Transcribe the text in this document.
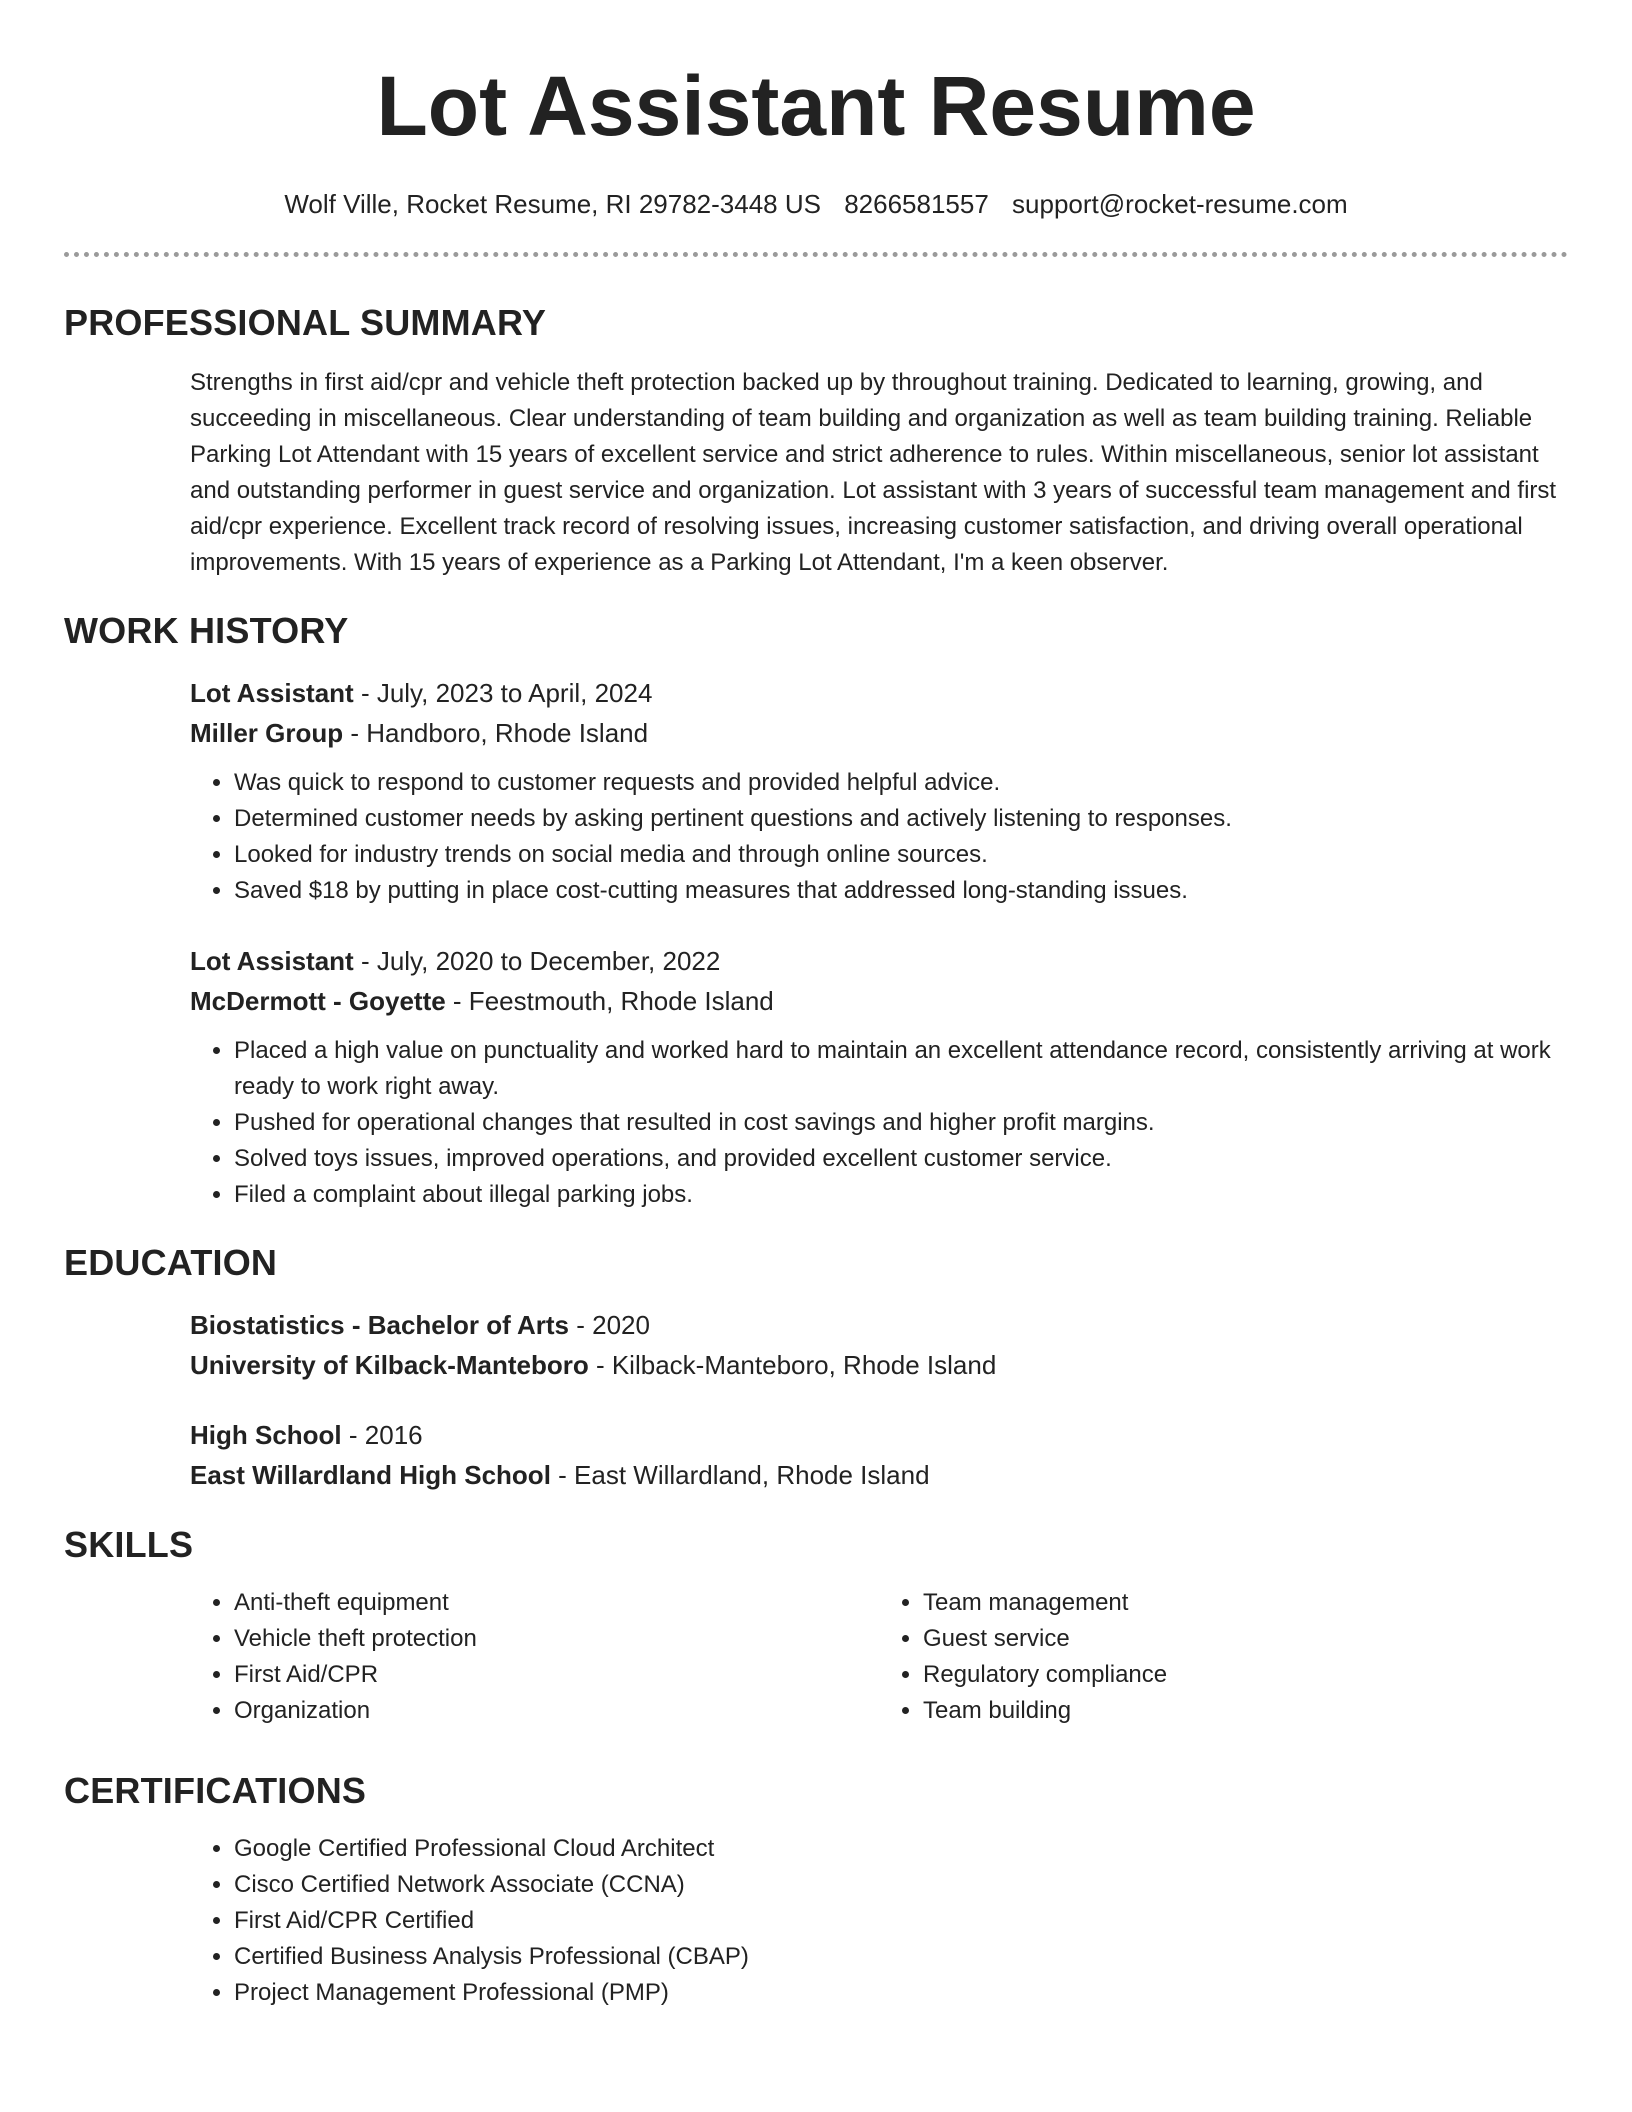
Lot Assistant Resume
Wolf Ville, Rocket Resume, RI 29782-3448 US 8266581557 support@rocket-resume.com
PROFESSIONAL SUMMARY

Strengths in first aid/cpr and vehicle theft protection backed up by throughout training. Dedicated to learning, growing, and succeeding in miscellaneous. Clear understanding of team building and organization as well as team building training. Reliable Parking Lot Attendant with 15 years of excellent service and strict adherence to rules. Within miscellaneous, senior lot assistant and outstanding performer in guest service and organization. Lot assistant with 3 years of successful team management and first aid/cpr experience. Excellent track record of resolving issues, increasing customer satisfaction, and driving overall operational improvements. With 15 years of experience as a Parking Lot Attendant, I'm a keen observer.

WORK HISTORY
Lot Assistant - July, 2023 to April, 2024
Miller Group - Handboro, Rhode Island
• Was quick to respond to customer requests and provided helpful advice.
• Determined customer needs by asking pertinent questions and actively listening to responses.
• Looked for industry trends on social media and through online sources.
• Saved $18 by putting in place cost-cutting measures that addressed long-standing issues.
Lot Assistant - July, 2020 to December, 2022
McDermott - Goyette - Feestmouth, Rhode Island
• Placed a high value on punctuality and worked hard to maintain an excellent attendance record, consistently arriving at work ready to work right away.
• Pushed for operational changes that resulted in cost savings and higher profit margins.
• Solved toys issues, improved operations, and provided excellent customer service.
• Filed a complaint about illegal parking jobs.
EDUCATION
Biostatistics - Bachelor of Arts - 2020
University of Kilback-Manteboro - Kilback-Manteboro, Rhode Island
High School - 2016
East Willardland High School - East Willardland, Rhode Island
SKILLS
• Anti-theft equipment
• Vehicle theft protection
• First Aid/CPR
• Organization
• Team management
• Guest service
• Regulatory compliance
• Team building
CERTIFICATIONS
• Google Certified Professional Cloud Architect
• Cisco Certified Network Associate (CCNA)
• First Aid/CPR Certified
• Certified Business Analysis Professional (CBAP)
• Project Management Professional (PMP)
